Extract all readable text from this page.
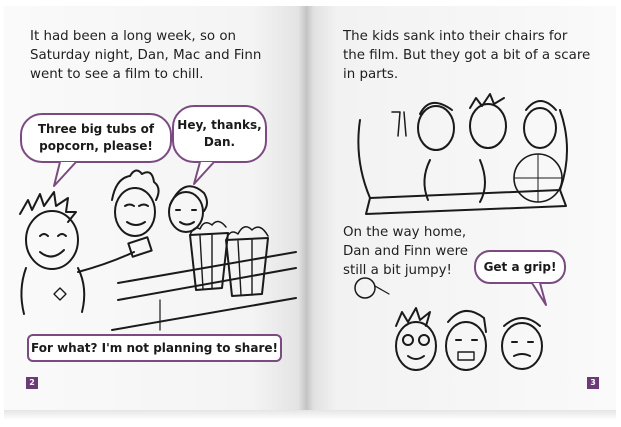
It had been a long week, so on
Saturday night, Dan, Mac and Finn
went to see a film to chill.

Three big tubs of
popcorn, please!
Hey, thanks,
Dan.
For what? I'm not planning to share!
2

The kids sank into their chairs for
the film. But they got a bit of a scare
in parts.

On the way home,
Dan and Finn were
still a bit jumpy!	Get a grip!
3
